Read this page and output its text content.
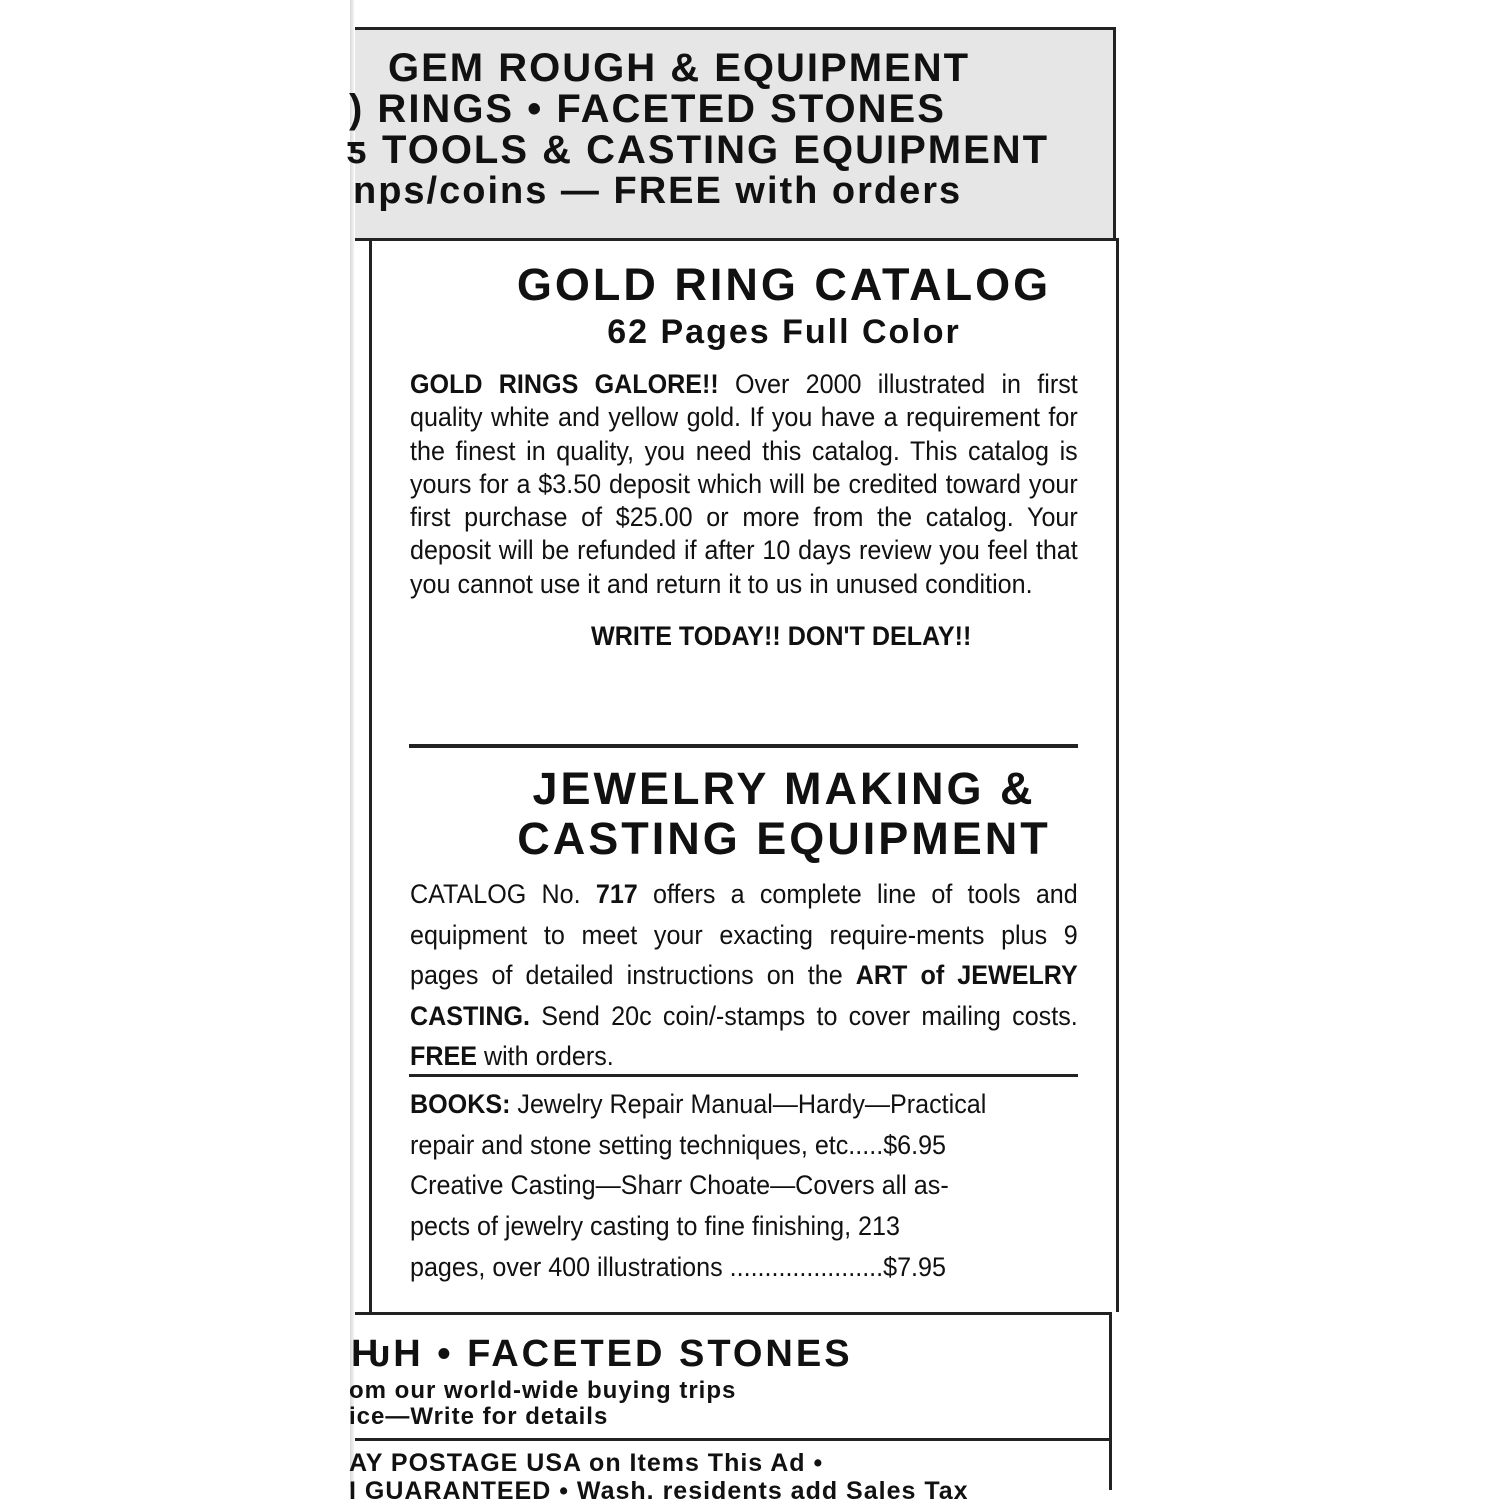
GEM ROUGH & EQUIPMENT
) RINGS • FACETED STONES
ƽ TOOLS & CASTING EQUIPMENT
nps/coins — FREE with orders
GOLD RING CATALOG
62 Pages Full Color

GOLD RINGS GALORE!! Over 2000 illustrated in first quality white and yellow gold. If you have a requirement for the finest in quality, you need this catalog. This catalog is yours for a $3.50 deposit which will be credited toward your first purchase of $25.00 or more from the catalog. Your deposit will be refunded if after 10 days review you feel that you cannot use it and return it to us in unused condition.

WRITE TODAY!! DON'T DELAY!!

JEWELRY MAKING &
CASTING EQUIPMENT

CATALOG No. 717 offers a complete line of tools and equipment to meet your exacting require-ments plus 9 pages of detailed instructions on the ART of JEWELRY CASTING. Send 20c coin/-stamps to cover mailing costs. FREE with orders.

BOOKS: Jewelry Repair Manual—Hardy—Practical
repair and stone setting techniques, etc.....$6.95
Creative Casting—Sharr Choate—Covers all as-
pects of jewelry casting to fine finishing, 213
pages, over 400 illustrations ......................$7.95
ǶH • FACETED STONES
om our world-wide buying trips
ice—Write for details
AY POSTAGE USA on Items This Ad •
I GUARANTEED • Wash. residents add Sales Tax
